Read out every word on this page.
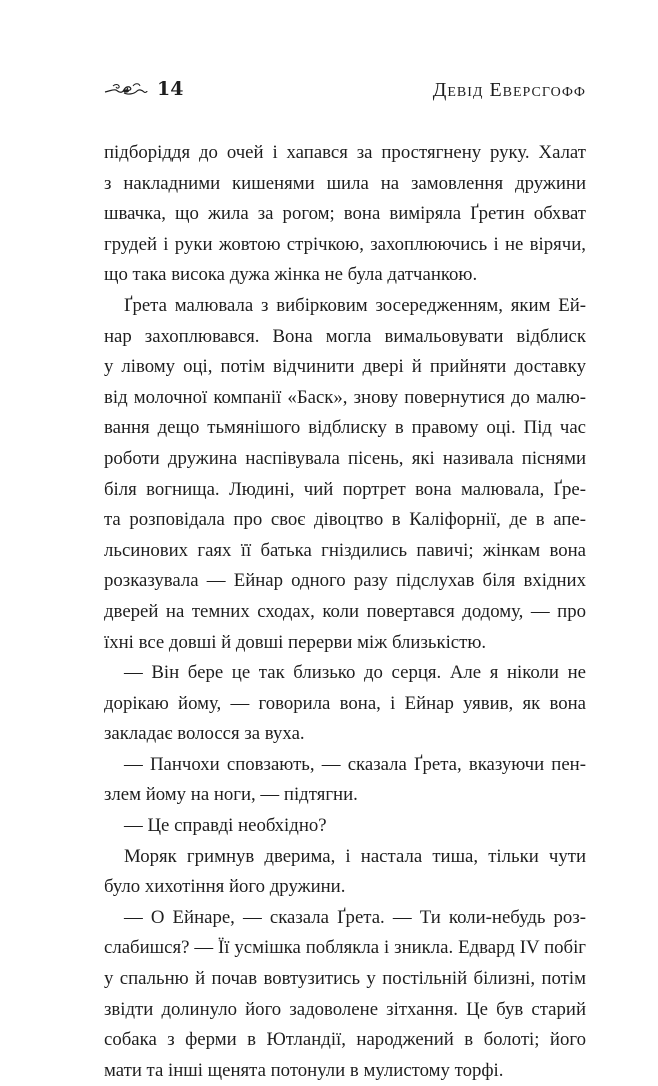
14	Девід Еверсгофф
підборіддя до очей і хапався за простягнену руку. Халат
з накладними кишенями шила на замовлення дружини
швачка, що жила за рогом; вона виміряла Ґретин обхват
грудей і руки жовтою стрічкою, захоплюючись і не вірячи,
що така висока дужа жінка не була датчанкою.
Ґрета малювала з вибірковим зосередженням, яким Ей-
нар захоплювався. Вона могла вимальовувати відблиск
у лівому оці, потім відчинити двері й прийняти доставку
від молочної компанії «Баск», знову повернутися до малю-
вання дещо тьмянішого відблиску в правому оці. Під час
роботи дружина наспівувала пісень, які називала піснями
біля вогнища. Людині, чий портрет вона малювала, Ґре-
та розповідала про своє дівоцтво в Каліфорнії, де в апе-
льсинових гаях її батька гніздились павичі; жінкам вона
розказувала — Ейнар одного разу підслухав біля вхідних
дверей на темних сходах, коли повертався додому, — про
їхні все довші й довші перерви між близькістю.
— Він бере це так близько до серця. Але я ніколи не
дорікаю йому, — говорила вона, і Ейнар уявив, як вона
закладає волосся за вуха.
— Панчохи сповзають, — сказала Ґрета, вказуючи пен-
злем йому на ноги, — підтягни.
— Це справді необхідно?
Моряк гримнув дверима, і настала тиша, тільки чути
було хихотіння його дружини.
— О Ейнаре, — сказала Ґрета. — Ти коли-небудь роз-
слабишся? — Її усмішка поблякла і зникла. Едвард IV побіг
у спальню й почав вовтузитись у постільній білизні, потім
звідти долинуло його задоволене зітхання. Це був старий
собака з ферми в Ютландії, народжений в болоті; його
мати та інші щенята потонули в мулистому торфі.
